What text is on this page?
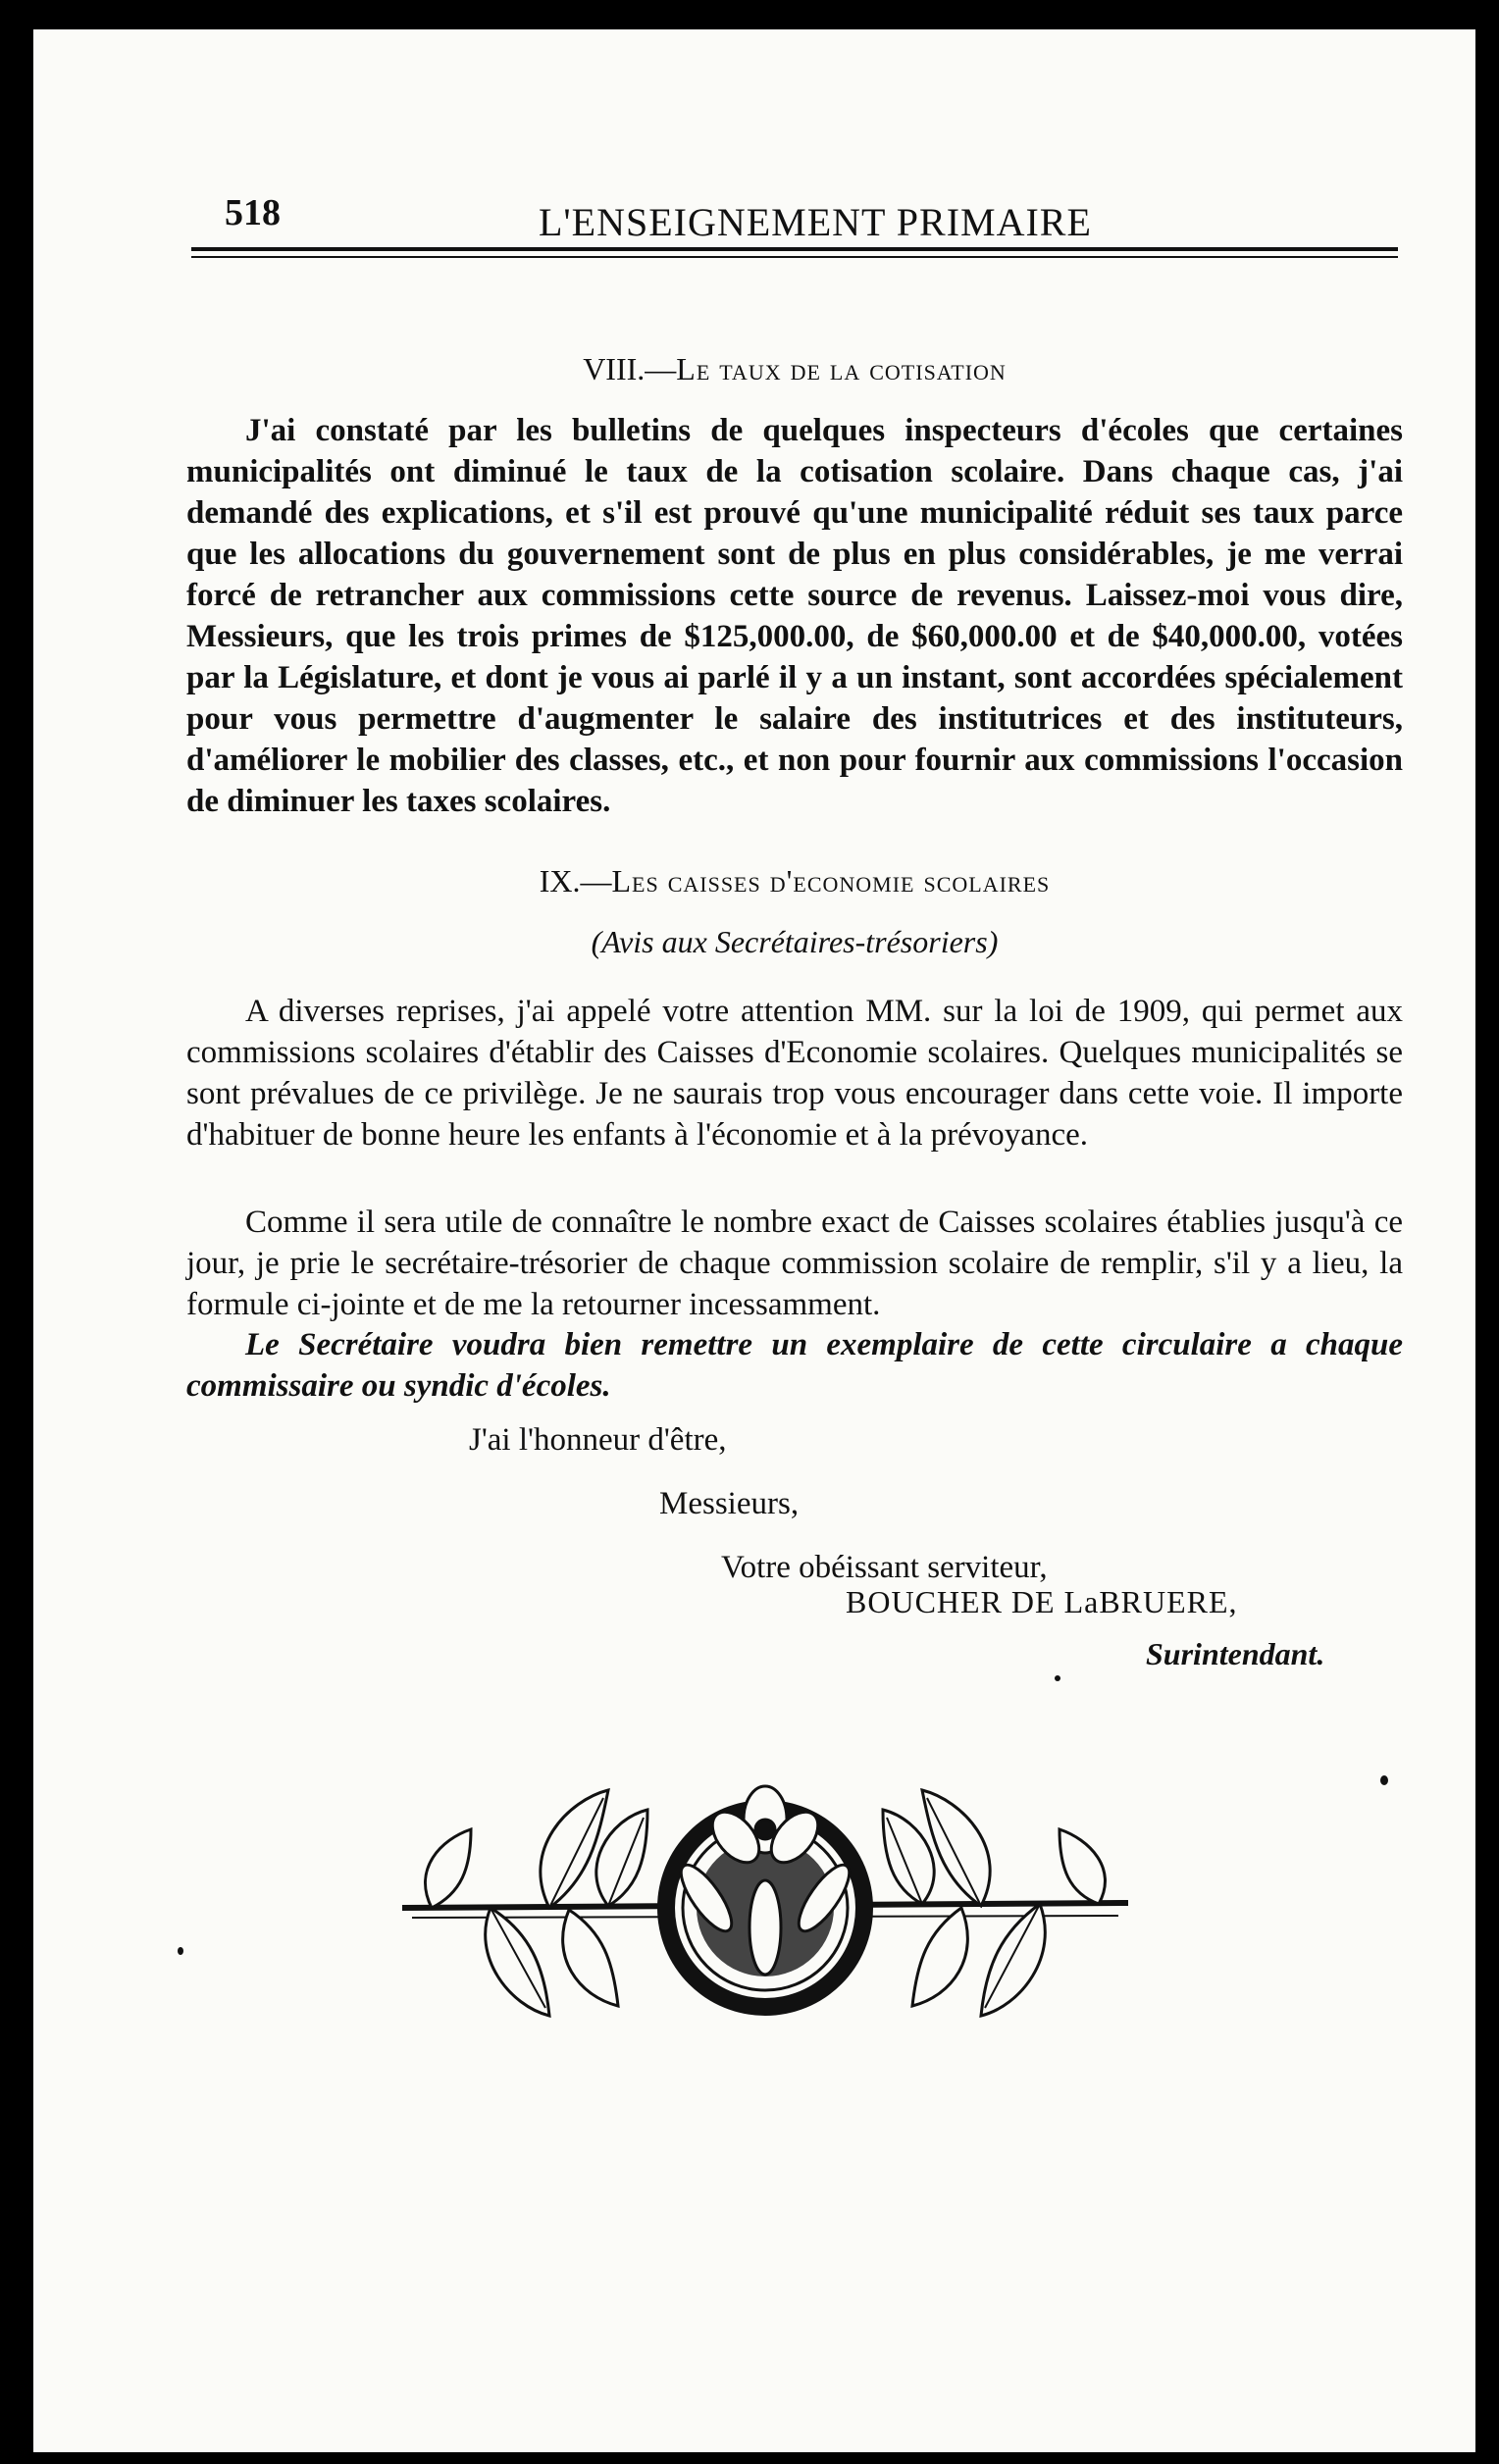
518	L'ENSEIGNEMENT PRIMAIRE
VIII.—Le taux de la cotisation

J'ai constaté par les bulletins de quelques inspecteurs d'écoles que certaines municipalités ont diminué le taux de la cotisation scolaire. Dans chaque cas, j'ai demandé des explications, et s'il est prouvé qu'une municipalité réduit ses taux parce que les allocations du gouvernement sont de plus en plus considérables, je me verrai forcé de retrancher aux commissions cette source de revenus. Laissez-moi vous dire, Messieurs, que les trois primes de $125,000.00, de $60,000.00 et de $40,000.00, votées par la Législature, et dont je vous ai parlé il y a un instant, sont accordées spécialement pour vous permettre d'augmenter le salaire des institutrices et des instituteurs, d'améliorer le mobilier des classes, etc., et non pour fournir aux commissions l'occasion de diminuer les taxes scolaires.

IX.—Les caisses d'economie scolaires
(Avis aux Secrétaires-trésoriers)

A diverses reprises, j'ai appelé votre attention MM. sur la loi de 1909, qui permet aux commissions scolaires d'établir des Caisses d'Economie scolaires. Quelques municipalités se sont prévalues de ce privilège. Je ne saurais trop vous encourager dans cette voie. Il importe d'habituer de bonne heure les enfants à l'économie et à la prévoyance.

Comme il sera utile de connaître le nombre exact de Caisses scolaires établies jusqu'à ce jour, je prie le secrétaire-trésorier de chaque commission scolaire de remplir, s'il y a lieu, la formule ci-jointe et de me la retourner incessamment.

Le Secrétaire voudra bien remettre un exemplaire de cette circulaire a chaque commissaire ou syndic d'écoles.

J'ai l'honneur d'être,
Messieurs,
Votre obéissant serviteur,
BOUCHER DE LaBRUERE,
Surintendant.
